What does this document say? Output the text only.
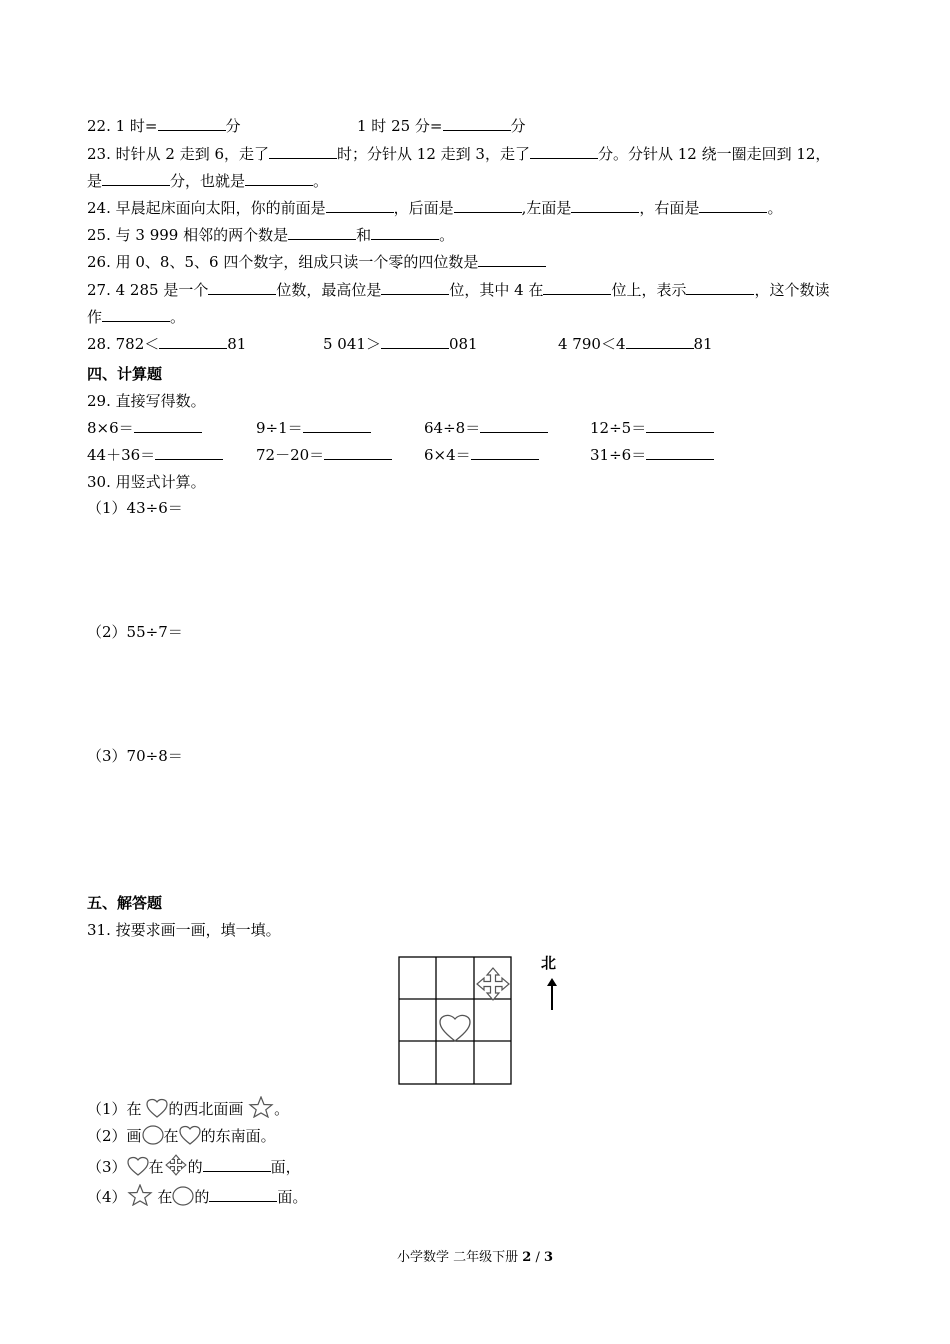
22. 1 时=	分	1 时 25 分=	分
23. 时针从 2 走到 6，走了	时；分针从 12 走到 3，走了	分。分针从 12 绕一圈走回到 12，
是	分，也就是	。
24. 早晨起床面向太阳，你的前面是	，后面是	,左面是	，右面是	。
25. 与 3 999 相邻的两个数是	和	。
26. 用 0、8、5、6 四个数字，组成只读一个零的四位数是
27. 4 285 是一个	位数，最高位是	位，其中 4 在	位上，表示	，这个数读
作	。
28. 782＜	81	5 041＞	081	4 790＜4	81
四、计算题
29. 直接写得数。
8×6＝	9÷1＝	64÷8＝	12÷5＝
44＋36＝	72－20＝	6×4＝	31÷6＝
30. 用竖式计算。
（1）43÷6＝
（2）55÷7＝
（3）70÷8＝
五、解答题
31. 按要求画一画，填一填。
北
（1）在 的西北面画 。
（2）画 在 的东南面。
（3） 在 的	面，
（4） 在 的	面。
小学数学 二年级下册 2 / 3
